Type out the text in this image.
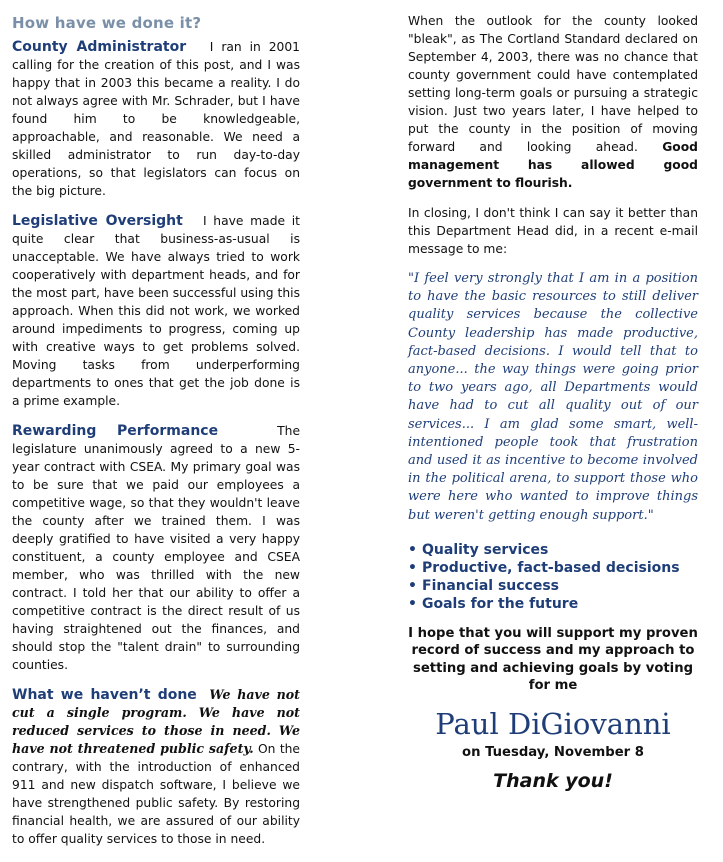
How have we done it?

County Administrator I ran in 2001 calling for the creation of this post, and I was happy that in 2003 this became a reality. I do not always agree with Mr. Schrader, but I have found him to be knowledgeable, approachable, and reasonable. We need a skilled administrator to run day-to-day operations, so that legislators can focus on the big picture.

Legislative Oversight I have made it quite clear that business-as-usual is unacceptable. We have always tried to work cooperatively with department heads, and for the most part, have been successful using this approach. When this did not work, we worked around impediments to progress, coming up with creative ways to get problems solved. Moving tasks from underperforming departments to ones that get the job done is a prime example.

Rewarding Performance	The legislature unanimously agreed to a new 5-year contract with CSEA. My primary goal was to be sure that we paid our employees a competitive wage, so that they wouldn't leave the county after we trained them. I was deeply gratified to have visited a very happy constituent, a county employee and CSEA member, who was thrilled with the new contract. I told her that our ability to offer a competitive contract is the direct result of us having straightened out the finances, and should stop the "talent drain" to surrounding counties.

What we haven’t done We have not cut a single program. We have not reduced services to those in need. We have not threatened public safety. On the contrary, with the introduction of enhanced 911 and new dispatch software, I believe we have strengthened public safety. By restoring financial health, we are assured of our ability to offer quality services to those in need.

When the outlook for the county looked "bleak", as The Cortland Standard declared on September 4, 2003, there was no chance that county government could have contemplated setting long-term goals or pursuing a strategic vision. Just two years later, I have helped to put the county in the position of moving forward and looking ahead. Good management has allowed good government to flourish.

In closing, I don't think I can say it better than this Department Head did, in a recent e-mail message to me:

"I feel very strongly that I am in a position to have the basic resources to still deliver quality services because the collective County leadership has made productive, fact-based decisions. I would tell that to anyone... the way things were going prior to two years ago, all Departments would have had to cut all quality out of our services... I am glad some smart, well-intentioned people took that frustration and used it as incentive to become involved in the political arena, to support those who were here who wanted to improve things but weren't getting enough support."

• Quality services
• Productive, fact-based decisions
• Financial success
• Goals for the future
I hope that you will support my proven record of success and my approach to setting and achieving goals by voting for me
Paul DiGiovanni
on Tuesday, November 8
Thank you!
